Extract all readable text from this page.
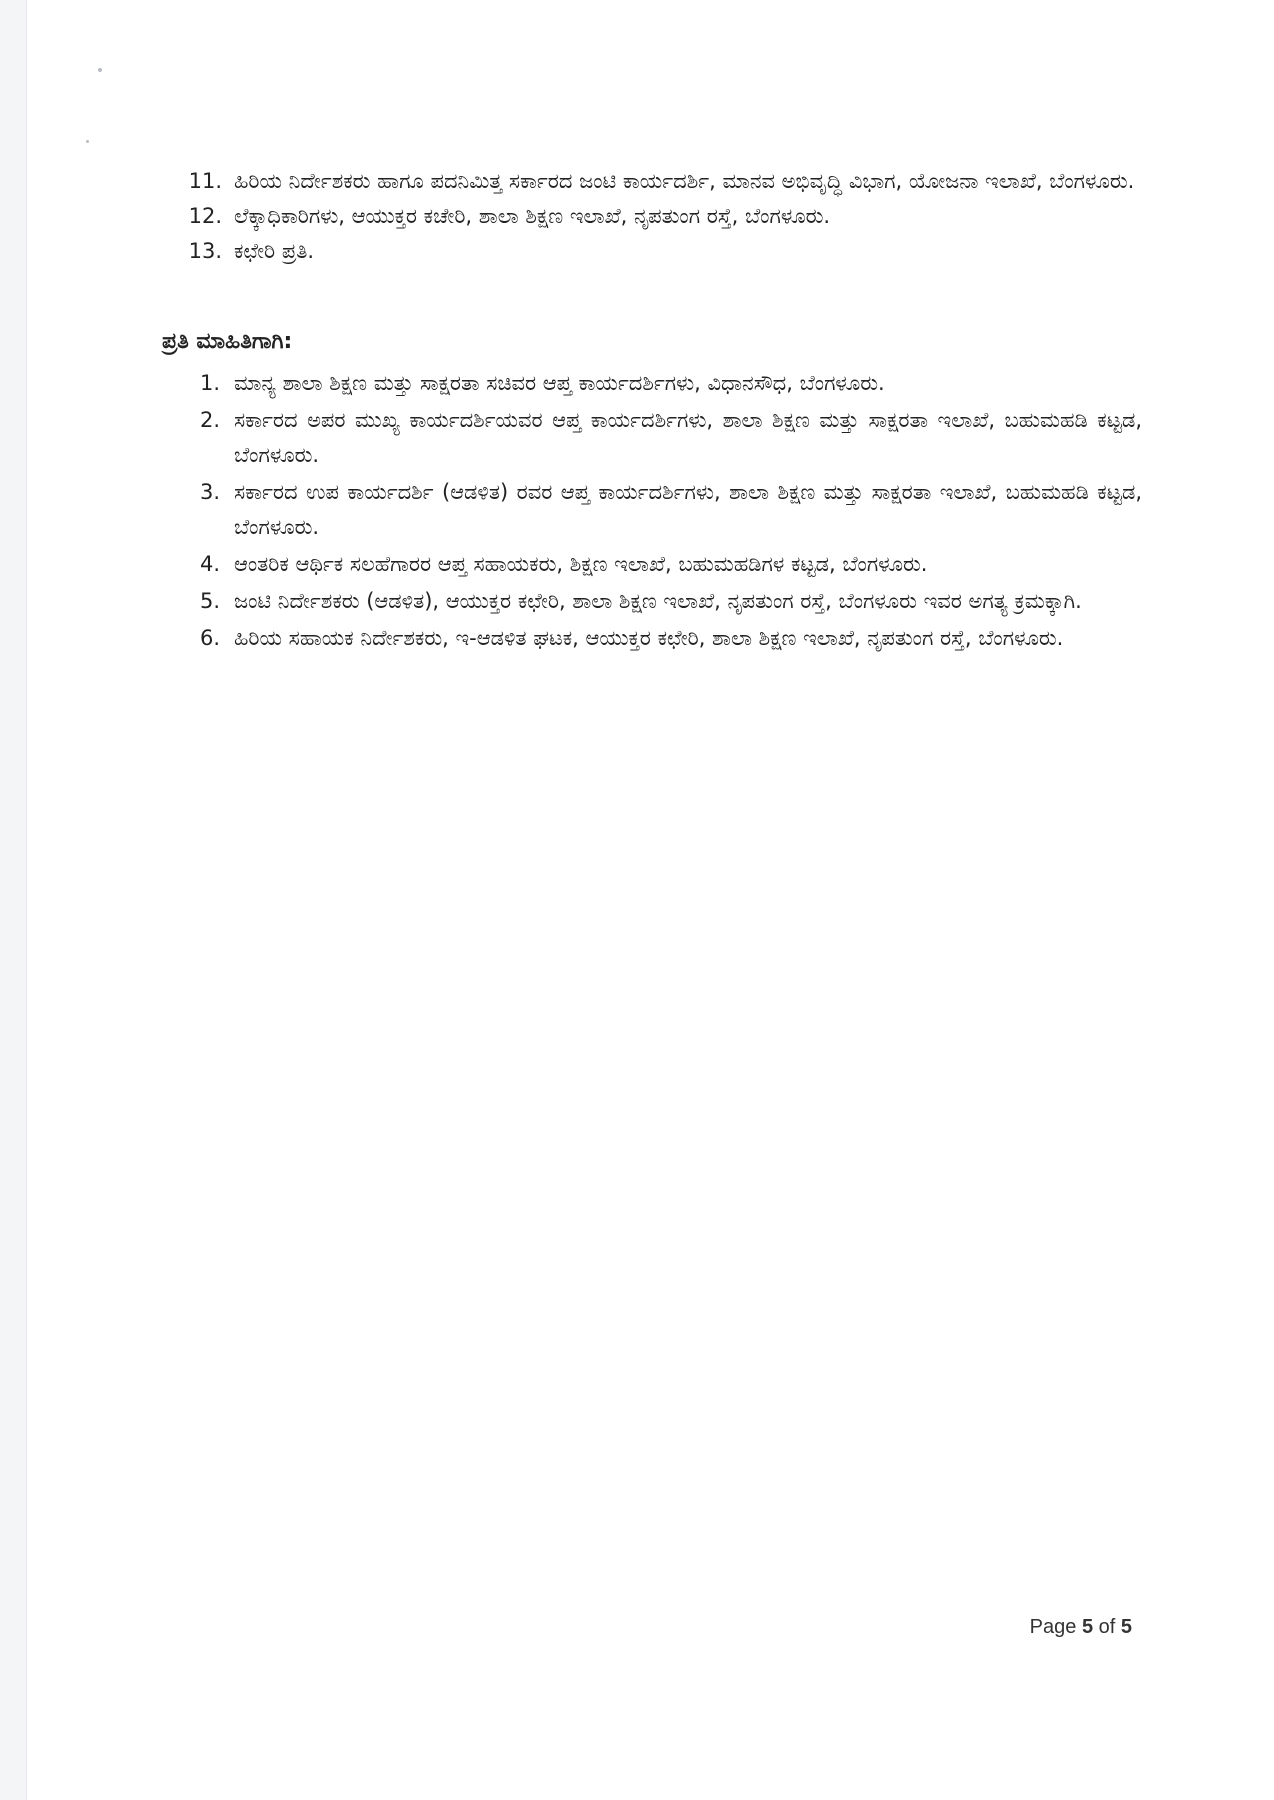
11. ಹಿರಿಯ ನಿರ್ದೇಶಕರು ಹಾಗೂ ಪದನಿಮಿತ್ತ ಸರ್ಕಾರದ ಜಂಟಿ ಕಾರ್ಯದರ್ಶಿ, ಮಾನವ ಅಭಿವೃದ್ಧಿ ವಿಭಾಗ, ಯೋಜನಾ ಇಲಾಖೆ, ಬೆಂಗಳೂರು.
12. ಲೆಕ್ಕಾಧಿಕಾರಿಗಳು, ಆಯುಕ್ತರ ಕಚೇರಿ, ಶಾಲಾ ಶಿಕ್ಷಣ ಇಲಾಖೆ, ನೃಪತುಂಗ ರಸ್ತೆ, ಬೆಂಗಳೂರು.
13. ಕಛೇರಿ ಪ್ರತಿ.
ಪ್ರತಿ ಮಾಹಿತಿಗಾಗಿ:
1. ಮಾನ್ಯ ಶಾಲಾ ಶಿಕ್ಷಣ ಮತ್ತು ಸಾಕ್ಷರತಾ ಸಚಿವರ ಆಪ್ತ ಕಾರ್ಯದರ್ಶಿಗಳು, ವಿಧಾನಸೌಧ, ಬೆಂಗಳೂರು.
2. ಸರ್ಕಾರದ ಅಪರ ಮುಖ್ಯ ಕಾರ್ಯದರ್ಶಿಯವರ ಆಪ್ತ ಕಾರ್ಯದರ್ಶಿಗಳು, ಶಾಲಾ ಶಿಕ್ಷಣ ಮತ್ತು ಸಾಕ್ಷರತಾ ಇಲಾಖೆ, ಬಹುಮಹಡಿ ಕಟ್ಟಡ, ಬೆಂಗಳೂರು.
3. ಸರ್ಕಾರದ ಉಪ ಕಾರ್ಯದರ್ಶಿ (ಆಡಳಿತ) ರವರ ಆಪ್ತ ಕಾರ್ಯದರ್ಶಿಗಳು, ಶಾಲಾ ಶಿಕ್ಷಣ ಮತ್ತು ಸಾಕ್ಷರತಾ ಇಲಾಖೆ, ಬಹುಮಹಡಿ ಕಟ್ಟಡ, ಬೆಂಗಳೂರು.
4. ಆಂತರಿಕ ಆರ್ಥಿಕ ಸಲಹೆಗಾರರ ಆಪ್ತ ಸಹಾಯಕರು, ಶಿಕ್ಷಣ ಇಲಾಖೆ, ಬಹುಮಹಡಿಗಳ ಕಟ್ಟಡ, ಬೆಂಗಳೂರು.
5. ಜಂಟಿ ನಿರ್ದೇಶಕರು (ಆಡಳಿತ), ಆಯುಕ್ತರ ಕಛೇರಿ, ಶಾಲಾ ಶಿಕ್ಷಣ ಇಲಾಖೆ, ನೃಪತುಂಗ ರಸ್ತೆ, ಬೆಂಗಳೂರು ಇವರ ಅಗತ್ಯ ಕ್ರಮಕ್ಕಾಗಿ.
6. ಹಿರಿಯ ಸಹಾಯಕ ನಿರ್ದೇಶಕರು, ಇ-ಆಡಳಿತ ಘಟಕ, ಆಯುಕ್ತರ ಕಛೇರಿ, ಶಾಲಾ ಶಿಕ್ಷಣ ಇಲಾಖೆ, ನೃಪತುಂಗ ರಸ್ತೆ, ಬೆಂಗಳೂರು.
Page 5 of 5
